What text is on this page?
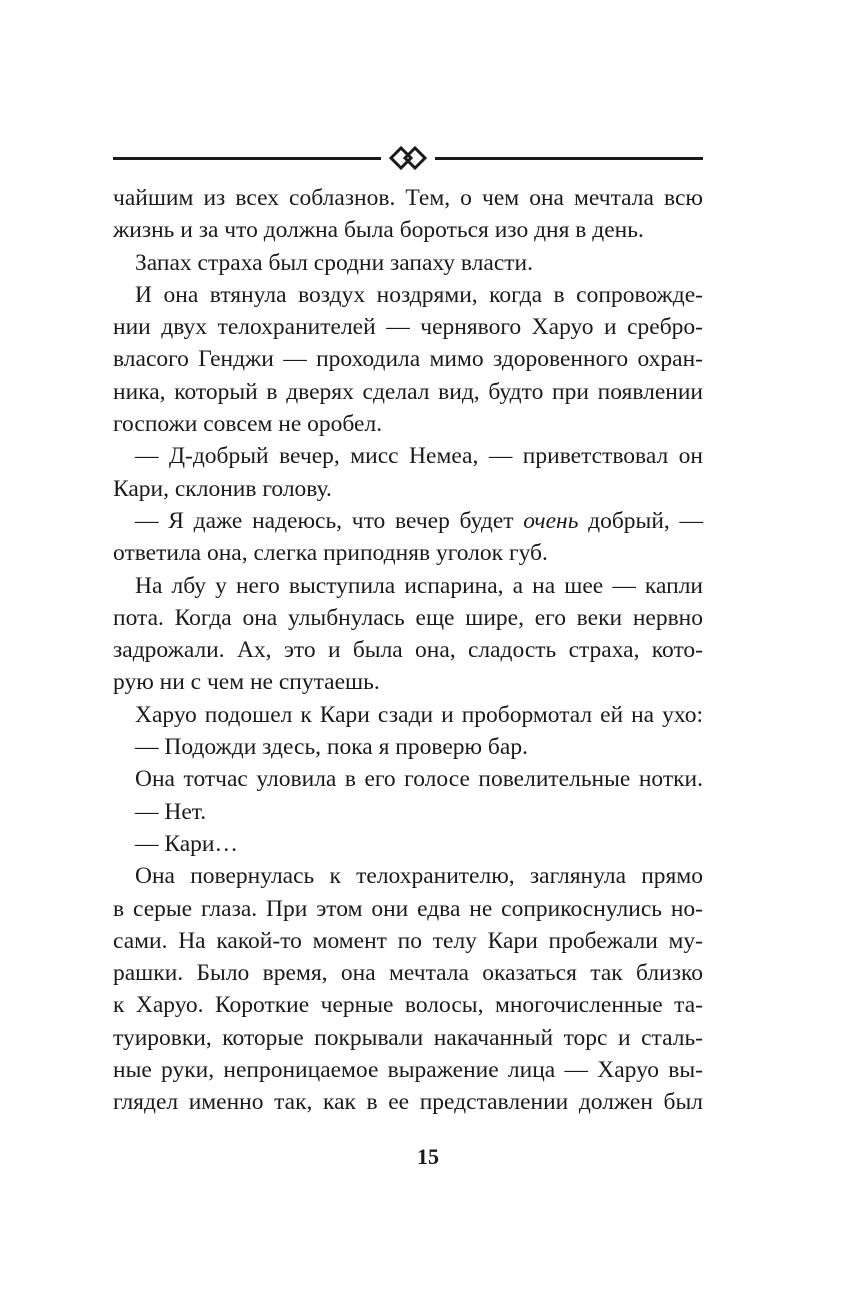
чайшим из всех соблазнов. Тем, о чем она мечтала всю
жизнь и за что должна была бороться изо дня в день.
Запах страха был сродни запаху власти.
И она втянула воздух ноздрями, когда в сопровожде-
нии двух телохранителей — чернявого Харуо и сребро-
власого Генджи — проходила мимо здоровенного охран-
ника, который в дверях сделал вид, будто при появлении
госпожи совсем не оробел.
— Д-добрый вечер, мисс Немеа, — приветствовал он
Кари, склонив голову.
— Я даже надеюсь, что вечер будет очень добрый, —
ответила она, слегка приподняв уголок губ.
На лбу у него выступила испарина, а на шее — капли
пота. Когда она улыбнулась еще шире, его веки нервно
задрожали. Ах, это и была она, сладость страха, кото-
рую ни с чем не спутаешь.
Харуо подошел к Кари сзади и пробормотал ей на ухо:
— Подожди здесь, пока я проверю бар.
Она тотчас уловила в его голосе повелительные нотки.
— Нет.
— Кари…
Она повернулась к телохранителю, заглянула прямо
в серые глаза. При этом они едва не соприкоснулись но-
сами. На какой-то момент по телу Кари пробежали му-
рашки. Было время, она мечтала оказаться так близко
к Харуо. Короткие черные волосы, многочисленные та-
туировки, которые покрывали накачанный торс и сталь-
ные руки, непроницаемое выражение лица — Харуо вы-
глядел именно так, как в ее представлении должен был
15
